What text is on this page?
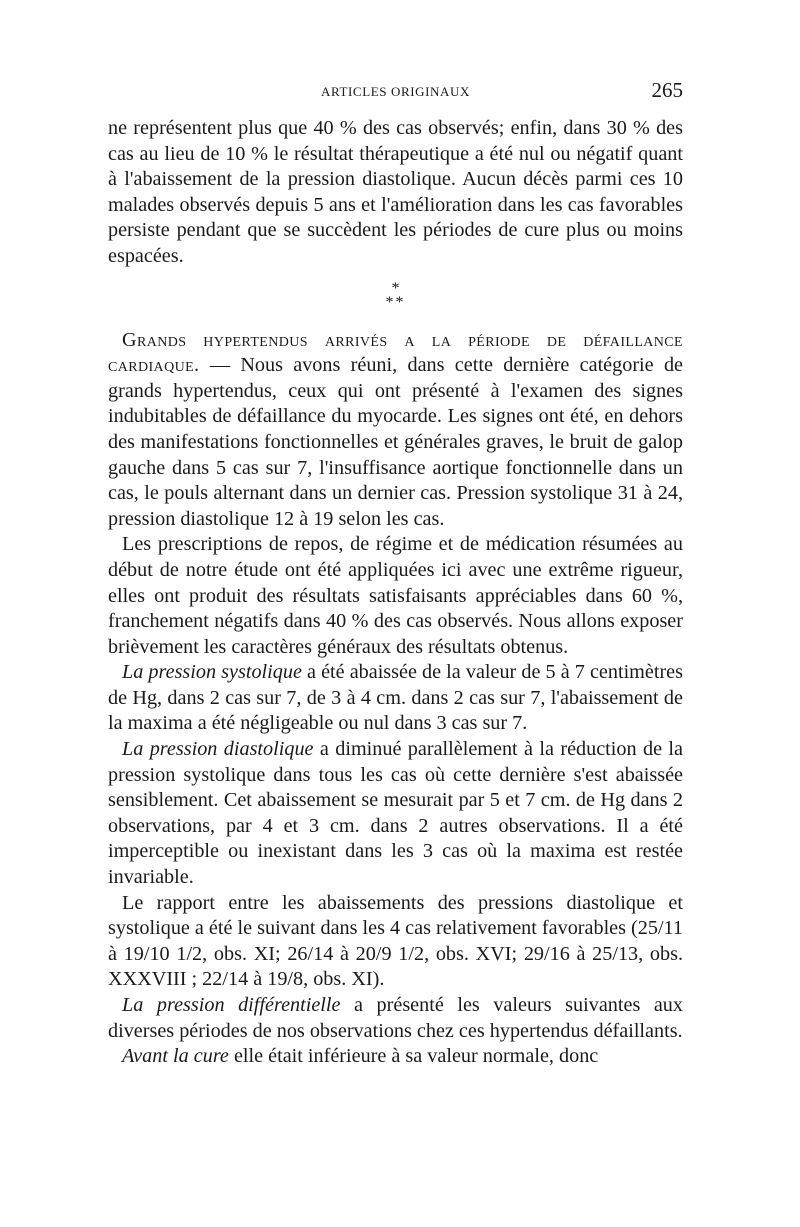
ARTICLES ORIGINAUX	265

ne représentent plus que 40 % des cas observés; enfin, dans 30 % des cas au lieu de 10 % le résultat thérapeutique a été nul ou négatif quant à l'abaissement de la pression diastolique. Aucun décès parmi ces 10 malades observés depuis 5 ans et l'amélioration dans les cas favorables persiste pendant que se succèdent les périodes de cure plus ou moins espacées.

*
**

Grands hypertendus arrivés a la période de défaillance cardiaque. — Nous avons réuni, dans cette dernière catégorie de grands hypertendus, ceux qui ont présenté à l'examen des signes indubitables de défaillance du myocarde. Les signes ont été, en dehors des manifestations fonctionnelles et générales graves, le bruit de galop gauche dans 5 cas sur 7, l'insuffisance aortique fonctionnelle dans un cas, le pouls alternant dans un dernier cas. Pression systolique 31 à 24, pression diastolique 12 à 19 selon les cas.

Les prescriptions de repos, de régime et de médication résumées au début de notre étude ont été appliquées ici avec une extrême rigueur, elles ont produit des résultats satisfaisants appréciables dans 60 %, franchement négatifs dans 40 % des cas observés. Nous allons exposer brièvement les caractères généraux des résultats obtenus.

La pression systolique a été abaissée de la valeur de 5 à 7 centimètres de Hg, dans 2 cas sur 7, de 3 à 4 cm. dans 2 cas sur 7, l'abaissement de la maxima a été négligeable ou nul dans 3 cas sur 7.

La pression diastolique a diminué parallèlement à la réduction de la pression systolique dans tous les cas où cette dernière s'est abaissée sensiblement. Cet abaissement se mesurait par 5 et 7 cm. de Hg dans 2 observations, par 4 et 3 cm. dans 2 autres observations. Il a été imperceptible ou inexistant dans les 3 cas où la maxima est restée invariable.

Le rapport entre les abaissements des pressions diastolique et systolique a été le suivant dans les 4 cas relativement favorables (25/11 à 19/10 1/2, obs. XI; 26/14 à 20/9 1/2, obs. XVI; 29/16 à 25/13, obs. XXXVIII ; 22/14 à 19/8, obs. XI).

La pression différentielle a présenté les valeurs suivantes aux diverses périodes de nos observations chez ces hypertendus défaillants.

Avant la cure elle était inférieure à sa valeur normale, donc
